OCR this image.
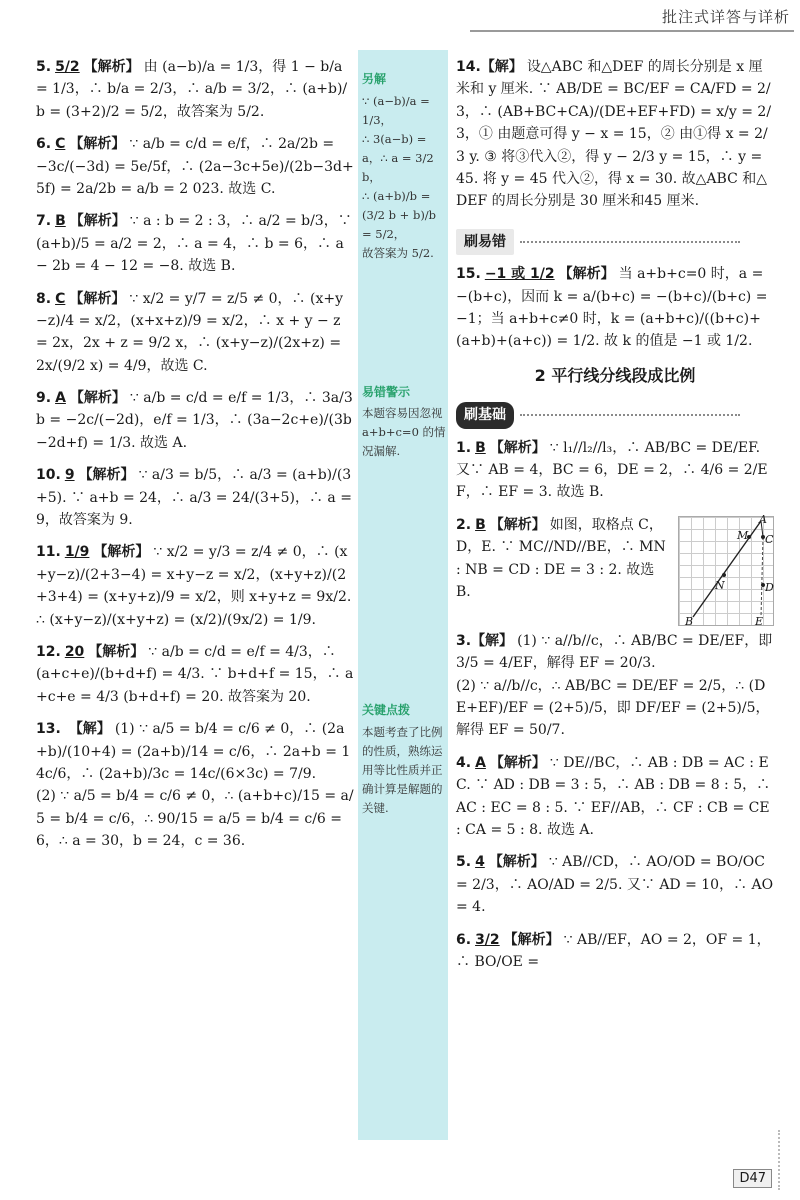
批注式详答与详析
5. 5/2 【解析】 由 (a−b)/a = 1/3，得 1 − b/a = 1/3，∴ b/a = 2/3，∴ a/b = 3/2，∴ (a+b)/b = (3+2)/2 = 5/2，故答案为 5/2.
6. C 【解析】 ∵ a/b = c/d = e/f，∴ 2a/2b = −3c/(−3d) = 5e/5f，∴ (2a−3c+5e)/(2b−3d+5f) = 2a/2b = a/b = 2 023. 故选 C.
7. B 【解析】 ∵ a : b = 2 : 3，∴ a/2 = b/3，∵ (a+b)/5 = a/2 = 2，∴ a = 4，∴ b = 6，∴ a − 2b = 4 − 12 = −8. 故选 B.
8. C 【解析】 ∵ x/2 = y/7 = z/5 ≠ 0，∴ (x+y−z)/4 = x/2，(x+x+z)/9 = x/2，∴ x + y − z = 2x，2x + z = 9/2 x，∴ (x+y−z)/(2x+z) = 2x/(9/2 x) = 4/9，故选 C.
9. A 【解析】 ∵ a/b = c/d = e/f = 1/3，∴ 3a/3b = −2c/(−2d)，e/f = 1/3，∴ (3a−2c+e)/(3b−2d+f) = 1/3. 故选 A.
10. 9 【解析】 ∵ a/3 = b/5，∴ a/3 = (a+b)/(3+5). ∵ a+b = 24，∴ a/3 = 24/(3+5)，∴ a = 9，故答案为 9.
11. 1/9 【解析】 ∵ x/2 = y/3 = z/4 ≠ 0，∴ (x+y−z)/(2+3−4) = x+y−z = x/2，(x+y+z)/(2+3+4) = (x+y+z)/9 = x/2，则 x+y+z = 9x/2. ∴ (x+y−z)/(x+y+z) = (x/2)/(9x/2) = 1/9.
12. 20 【解析】 ∵ a/b = c/d = e/f = 4/3，∴ (a+c+e)/(b+d+f) = 4/3. ∵ b+d+f = 15，∴ a+c+e = 4/3 (b+d+f) = 20. 故答案为 20.
13. 【解】 (1) ∵ a/5 = b/4 = c/6 ≠ 0，∴ (2a+b)/(10+4) = (2a+b)/14 = c/6，∴ 2a+b = 14c/6，∴ (2a+b)/3c = 14c/(6×3c) = 7/9.
(2) ∵ a/5 = b/4 = c/6 ≠ 0，∴ (a+b+c)/15 = a/5 = b/4 = c/6，∴ 90/15 = a/5 = b/4 = c/6 = 6，∴ a = 30，b = 24，c = 36.
另解
∵ (a−b)/a = 1/3，
∴ 3(a−b) = a，∴ a = 3/2 b，
∴ (a+b)/b = (3/2 b + b)/b = 5/2，
故答案为 5/2.
易错警示
本题容易因忽视 a+b+c=0 的情况漏解.
关键点拨
本题考查了比例的性质，熟练运用等比性质并正确计算是解题的关键.
14.【解】 设△ABC 和△DEF 的周长分别是 x 厘米和 y 厘米. ∵ AB/DE = BC/EF = CA/FD = 2/3，∴ (AB+BC+CA)/(DE+EF+FD) = x/y = 2/3，① 由题意可得 y − x = 15，② 由①得 x = 2/3 y. ③ 将③代入②，得 y − 2/3 y = 15，∴ y = 45. 将 y = 45 代入②，得 x = 30. 故△ABC 和△DEF 的周长分别是 30 厘米和45 厘米.
刷易错
15. −1 或 1/2 【解析】 当 a+b+c=0 时，a = −(b+c)，因而 k = a/(b+c) = −(b+c)/(b+c) = −1；当 a+b+c≠0 时，k = (a+b+c)/((b+c)+(a+b)+(a+c)) = 1/2. 故 k 的值是 −1 或 1/2.
2 平行线分线段成比例
刷基础
1. B 【解析】 ∵ l₁//l₂//l₃，∴ AB/BC = DE/EF. 又∵ AB = 4，BC = 6，DE = 2，∴ 4/6 = 2/EF，∴ EF = 3. 故选 B.
A
M C
N	D
B	E
2. B 【解析】 如图，取格点 C，D，E. ∵ MC//ND//BE，∴ MN : NB = CD : DE = 3 : 2. 故选 B.
3.【解】 (1) ∵ a//b//c，∴ AB/BC = DE/EF，即 3/5 = 4/EF，解得 EF = 20/3.
(2) ∵ a//b//c，∴ AB/BC = DE/EF = 2/5，∴ (DE+EF)/EF = (2+5)/5，即 DF/EF = (2+5)/5，解得 EF = 50/7.
4. A 【解析】 ∵ DE//BC，∴ AB : DB = AC : EC. ∵ AD : DB = 3 : 5，∴ AB : DB = 8 : 5，∴ AC : EC = 8 : 5. ∵ EF//AB，∴ CF : CB = CE : CA = 5 : 8. 故选 A.
5. 4 【解析】 ∵ AB//CD，∴ AO/OD = BO/OC = 2/3，∴ AO/AD = 2/5. 又∵ AD = 10，∴ AO = 4.
6. 3/2 【解析】 ∵ AB//EF，AO = 2，OF = 1，∴ BO/OE =
D47
